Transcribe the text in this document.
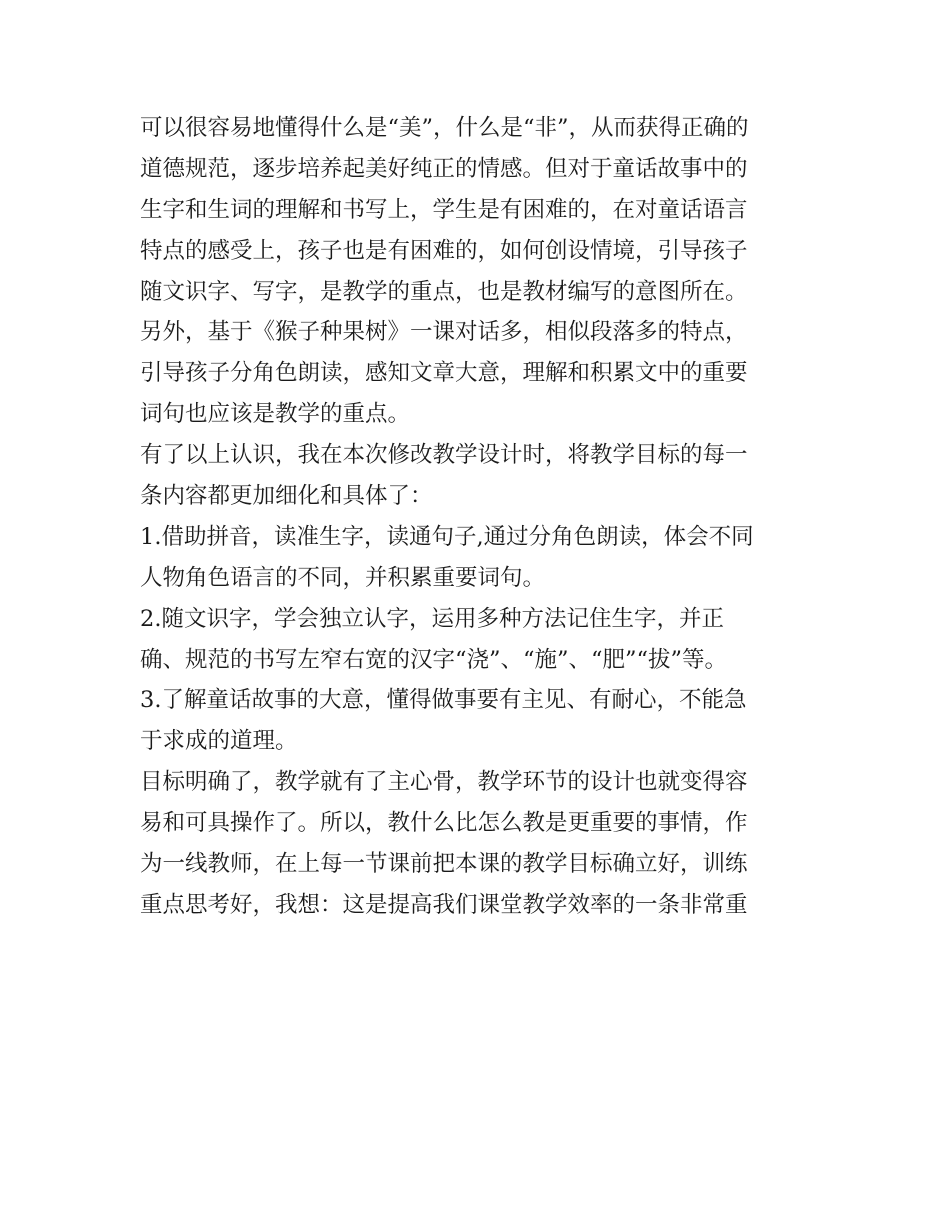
可以很容易地懂得什么是“美”，什么是“非”，从而获得正确的
道德规范，逐步培养起美好纯正的情感。但对于童话故事中的
生字和生词的理解和书写上，学生是有困难的，在对童话语言
特点的感受上，孩子也是有困难的，如何创设情境，引导孩子
随文识字、写字，是教学的重点，也是教材编写的意图所在。
另外，基于《猴子种果树》一课对话多，相似段落多的特点，
引导孩子分角色朗读，感知文章大意，理解和积累文中的重要
词句也应该是教学的重点。
有了以上认识，我在本次修改教学设计时，将教学目标的每一
条内容都更加细化和具体了：
1.借助拼音，读准生字，读通句子,通过分角色朗读，体会不同
人物角色语言的不同，并积累重要词句。
2.随文识字，学会独立认字，运用多种方法记住生字，并正
确、规范的书写左窄右宽的汉字“浇”、“施”、“肥”“拔”等。
3.了解童话故事的大意，懂得做事要有主见、有耐心，不能急
于求成的道理。
目标明确了，教学就有了主心骨，教学环节的设计也就变得容
易和可具操作了。所以，教什么比怎么教是更重要的事情，作
为一线教师，在上每一节课前把本课的教学目标确立好，训练
重点思考好，我想：这是提高我们课堂教学效率的一条非常重
